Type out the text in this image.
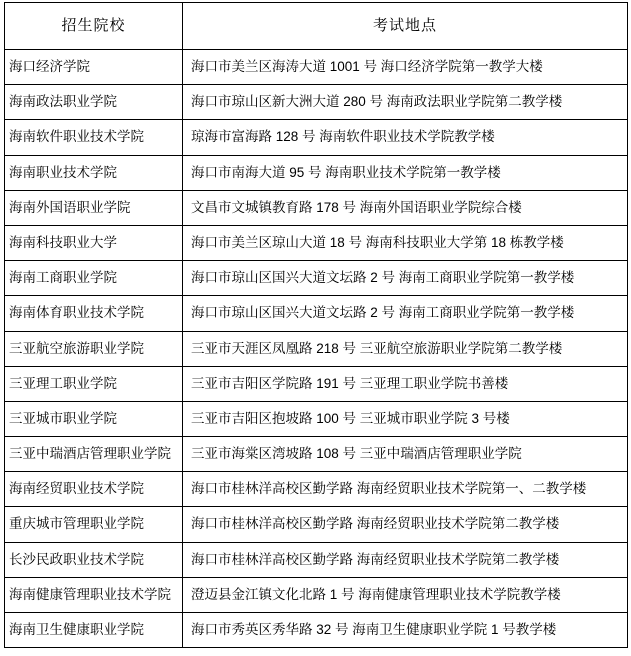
招生院校	考试地点
海口经济学院	海口市美兰区海涛大道 1001 号 海口经济学院第一教学大楼
海南政法职业学院	海口市琼山区新大洲大道 280 号 海南政法职业学院第二教学楼
海南软件职业技术学院	琼海市富海路 128 号 海南软件职业技术学院教学楼
海南职业技术学院	海口市南海大道 95 号 海南职业技术学院第一教学楼
海南外国语职业学院	文昌市文城镇教育路 178 号 海南外国语职业学院综合楼
海南科技职业大学	海口市美兰区琼山大道 18 号 海南科技职业大学第 18 栋教学楼
海南工商职业学院	海口市琼山区国兴大道文坛路 2 号 海南工商职业学院第一教学楼
海南体育职业技术学院	海口市琼山区国兴大道文坛路 2 号 海南工商职业学院第一教学楼
三亚航空旅游职业学院	三亚市天涯区凤凰路 218 号 三亚航空旅游职业学院第二教学楼
三亚理工职业学院	三亚市吉阳区学院路 191 号 三亚理工职业学院书善楼
三亚城市职业学院	三亚市吉阳区抱坡路 100 号 三亚城市职业学院 3 号楼
三亚中瑞酒店管理职业学院	三亚市海棠区湾坡路 108 号 三亚中瑞酒店管理职业学院
海南经贸职业技术学院	海口市桂林洋高校区勤学路 海南经贸职业技术学院第一、二教学楼
重庆城市管理职业学院	海口市桂林洋高校区勤学路 海南经贸职业技术学院第二教学楼
长沙民政职业技术学院	海口市桂林洋高校区勤学路 海南经贸职业技术学院第二教学楼
海南健康管理职业技术学院	澄迈县金江镇文化北路 1 号 海南健康管理职业技术学院教学楼
海南卫生健康职业学院	海口市秀英区秀华路 32 号 海南卫生健康职业学院 1 号教学楼
